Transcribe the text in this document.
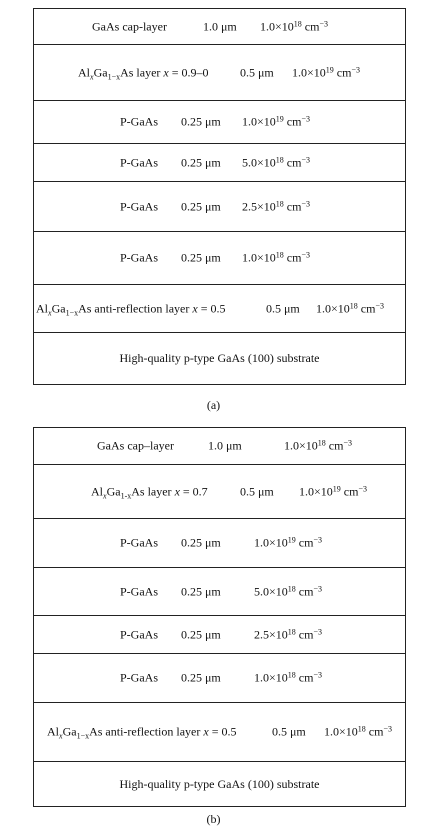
GaAs cap-layer	1.0 μm $1.0\times 10^{18}$ $cm^{-3}$
$Al_xGa_{1-x}As$ layer x = 0.9–0	0.5 μm $1.0\times 10^{19}$ $cm^{-3}$
P-GaAs 0.25 μm $1.0\times 10^{19}$ $cm^{-3}$
P-GaAs 0.25 μm $5.0\times 10^{18}$ $cm^{-3}$
P-GaAs 0.25 μm $2.5\times 10^{18}$ $cm^{-3}$
P-GaAs 0.25 μm $1.0\times 10^{18}$ $cm^{-3}$
$Al_xGa_{1-x}As$ anti-reflection layer x = 0.5	0.5 μm $1.0\times 10^{18}$ $cm^{-3}$
High-quality p-type GaAs (100) substrate
(a)
GaAs cap–layer	1.0 μm	$1.0\times 10^{18}$ $cm^{-3}$
$Al_xGa_{1-x}As$ layer x = 0.7	0.5 μm $1.0\times 10^{19}$ $cm^{-3}$
P-GaAs 0.25 μm	$1.0\times 10^{19}$ $cm^{-3}$
P-GaAs 0.25 μm	$5.0\times 10^{18}$ $cm^{-3}$
P-GaAs 0.25 μm	$2.5\times 10^{18}$ $cm^{-3}$
P-GaAs 0.25 μm	$1.0\times 10^{18}$ $cm^{-3}$
$Al_xGa_{1-x}As$ anti-reflection layer x = 0.5	0.5 μm $1.0\times 10^{18}$ $cm^{-3}$
High-quality p-type GaAs (100) substrate
(b)
